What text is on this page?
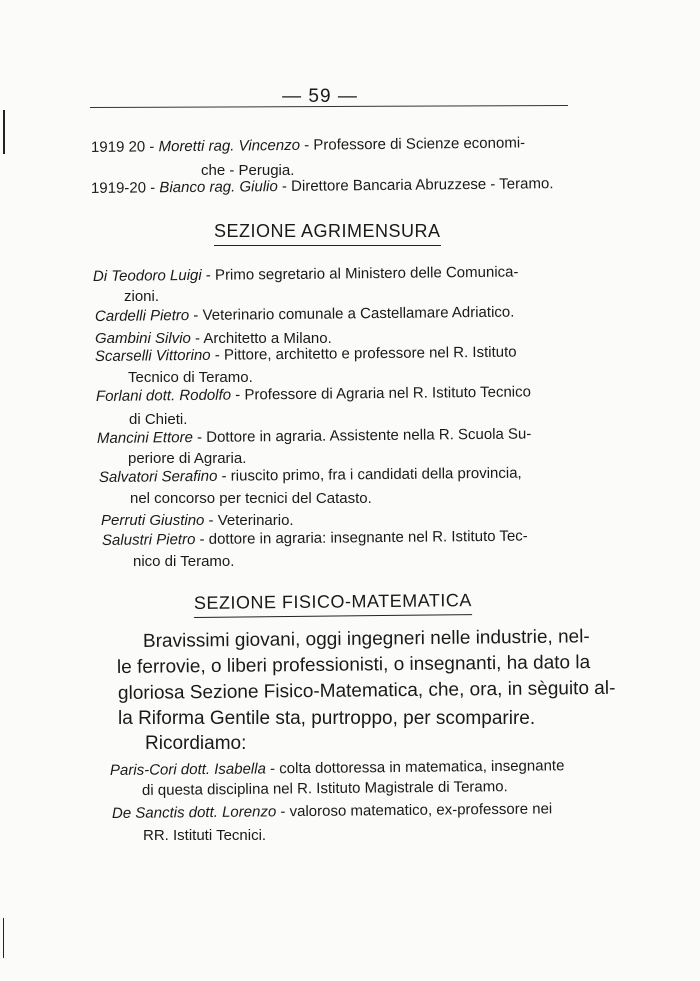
— 59 —
1919 20 - Moretti rag. Vincenzo - Professore di Scienze economi-
che - Perugia.
1919-20 - Bianco rag. Giulio - Direttore Bancaria Abruzzese - Teramo.
SEZIONE AGRIMENSURA
Di Teodoro Luigi - Primo segretario al Ministero delle Comunica-
zioni.
Cardelli Pietro - Veterinario comunale a Castellamare Adriatico.
Gambini Silvio - Architetto a Milano.
Scarselli Vittorino - Pittore, architetto e professore nel R. Istituto
Tecnico di Teramo.
Forlani dott. Rodolfo - Professore di Agraria nel R. Istituto Tecnico
di Chieti.
Mancini Ettore - Dottore in agraria. Assistente nella R. Scuola Su-
periore di Agraria.
Salvatori Serafino - riuscito primo, fra i candidati della provincia,
nel concorso per tecnici del Catasto.
Perruti Giustino - Veterinario.
Salustri Pietro - dottore in agraria: insegnante nel R. Istituto Tec-
nico di Teramo.
SEZIONE FISICO-MATEMATICA
Bravissimi giovani, oggi ingegneri nelle industrie, nel-
le ferrovie, o liberi professionisti, o insegnanti, ha dato la
gloriosa Sezione Fisico-Matematica, che, ora, in sèguito al-
la Riforma Gentile sta, purtroppo, per scomparire.
Ricordiamo:
Paris-Cori dott. Isabella - colta dottoressa in matematica, insegnante
di questa disciplina nel R. Istituto Magistrale di Teramo.
De Sanctis dott. Lorenzo - valoroso matematico, ex-professore nei
RR. Istituti Tecnici.
